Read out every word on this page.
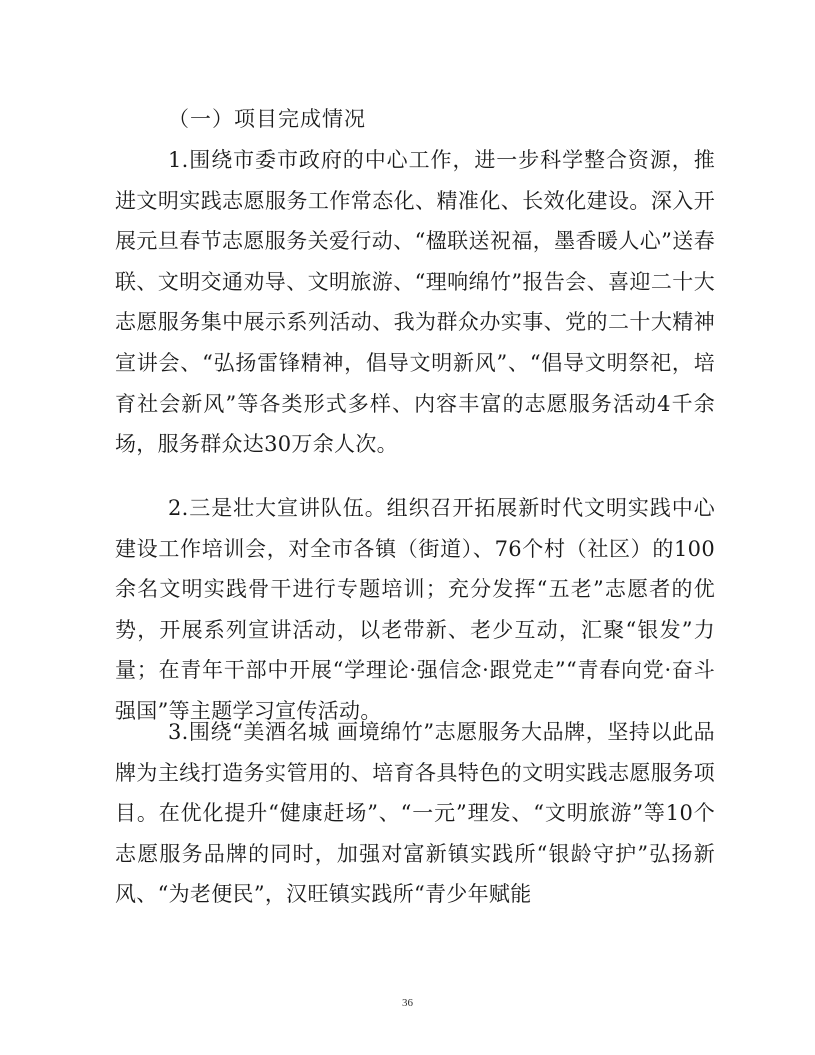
（一）项目完成情况

1.围绕市委市政府的中心工作，进一步科学整合资源，推进文明实践志愿服务工作常态化、精准化、长效化建设。深入开展元旦春节志愿服务关爱行动、“楹联送祝福，墨香暖人心”送春联、文明交通劝导、文明旅游、“理响绵竹”报告会、喜迎二十大志愿服务集中展示系列活动、我为群众办实事、党的二十大精神宣讲会、“弘扬雷锋精神，倡导文明新风”、“倡导文明祭祀，培育社会新风”等各类形式多样、内容丰富的志愿服务活动4千余场，服务群众达30万余人次。

2.三是壮大宣讲队伍。组织召开拓展新时代文明实践中心建设工作培训会，对全市各镇（街道）、76个村（社区）的100余名文明实践骨干进行专题培训；充分发挥“五老”志愿者的优势，开展系列宣讲活动，以老带新、老少互动，汇聚“银发”力量；在青年干部中开展“学理论·强信念·跟党走”“青春向党·奋斗强国”等主题学习宣传活动。

3.围绕“美酒名城 画境绵竹”志愿服务大品牌，坚持以此品牌为主线打造务实管用的、培育各具特色的文明实践志愿服务项目。在优化提升“健康赶场”、“一元”理发、“文明旅游”等10个志愿服务品牌的同时，加强对富新镇实践所“银龄守护”弘扬新风、“为老便民”，汉旺镇实践所“青少年赋能

36
